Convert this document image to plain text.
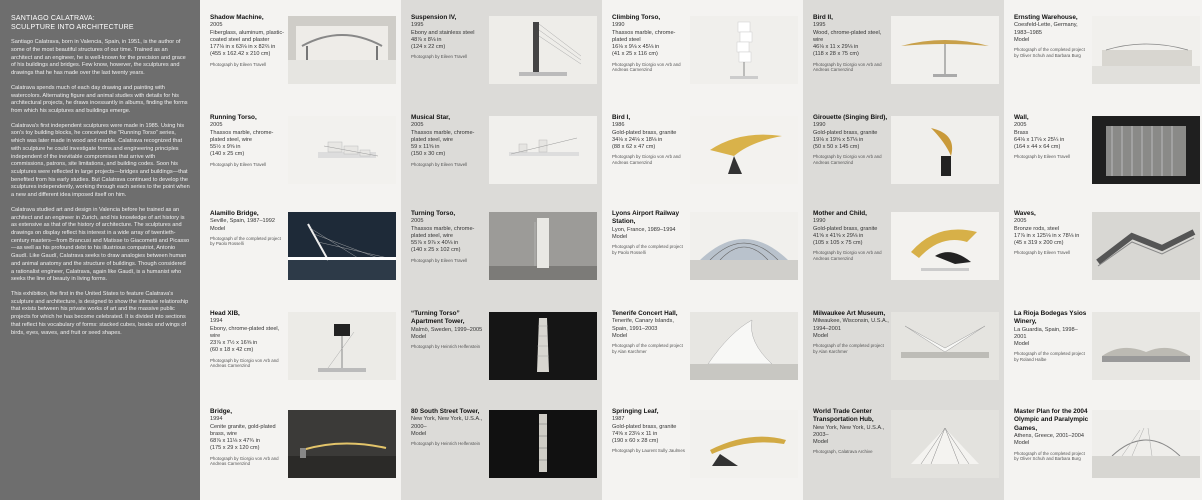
SANTIAGO CALATRAVA:
SCULPTURE INTO ARCHITECTURE

Santiago Calatrava, born in Valencia, Spain, in 1951, is the author of some of the most beautiful structures of our time. Trained as an architect and an engineer, he is well-known for the precision and grace of his buildings and bridges. Few know, however, the sculptures and drawings that he has made over the last twenty years.

Calatrava spends much of each day drawing and painting with watercolors. Alternating figure and animal studies with details for his architectural projects, he draws incessantly in albums, finding the forms from which his sculptures and buildings emerge.

Calatrava's first independent sculptures were made in 1985. Using his son's toy building blocks, he conceived the “Running Torso” series, which was later made in wood and marble. Calatrava recognized that with sculpture he could investigate forms and engineering principles independent of the inevitable compromises that arrive with commissions, patrons, site limitations, and building codes. Soon his sculptures were reflected in large projects—bridges and buildings—that benefited from his early studies. But Calatrava continued to develop the sculptures independently, working through each series to the point when a new and different idea imposed itself on him.

Calatrava studied art and design in Valencia before he trained as an architect and an engineer in Zurich, and his knowledge of art history is as extensive as that of the history of architecture. The sculptures and drawings on display reflect his interest in a wide array of twentieth-century masters—from Brancusi and Matisse to Giacometti and Picasso—as well as his profound debt to his illustrious compatriot, Antonio Gaudí. Like Gaudí, Calatrava seeks to draw analogies between human and animal anatomy and the structure of buildings. Though considered a rationalist engineer, Calatrava, again like Gaudí, is a humanist who seeks the line of beauty in living forms.

This exhibition, the first in the United States to feature Calatrava's sculpture and architecture, is designed to show the intimate relationship that exists between his private works of art and the massive public projects for which he has become celebrated. It is divided into sections that reflect his vocabulary of forms: stacked cubes, beaks and wings of birds, eyes, waves, and fruit or seed shapes.

Shadow Machine,
2005
Fiberglass, aluminum, plastic-coated steel and plaster
177⅛ in x 63⅛ in x 82⅔ in
(455 x 162.42 x 210 cm)
Photograph by Eileen Travell
Running Torso,
2005
Thassos marble, chrome-plated steel, wire
55½ x 9⅝ in
(140 x 25 cm)
Photograph by Eileen Travell
Alamillo Bridge,
Seville, Spain, 1987–1992
Model
Photograph of the completed project by Paolo Rosselli
Head XIB,
1994
Ebony, chrome-plated steel, wire
23⅞ x 7½ x 16⅝ in
(60 x 18 x 42 cm)
Photograph by Giorgio von Arb and Andreas Carnenzind
Bridge,
1994
Cenite granite, gold-plated brass, wire
68⅞ x 11⅛ x 47¾ in
(175 x 29 x 120 cm)
Photograph by Giorgio von Arb and Andreas Carnenzind
Suspension IV,
1995
Ebony and stainless steel
48⅞ x 8⅛ in
(124 x 22 cm)
Photograph by Eileen Travell
Musical Star,
2005
Thassos marble, chrome-plated steel, wire
59 x 11⅝ in
(150 x 30 cm)
Photograph by Eileen Travell
Turning Torso,
2005
Thassos marble, chrome-plated steel, wire
55⅞ x 9⅞ x 40⅛ in
(140 x 25 x 102 cm)
Photograph by Eileen Travell
“Turning Torso” Apartment Tower,
Malmö, Sweden, 1999–2005
Model
Photograph by Heinrich Helfenstein
80 South Street Tower,
New York, New York, U.S.A., 2000–
Model
Photograph by Heinrich Helfenstein
Climbing Torso,
1990
Thassos marble, chrome-plated steel
16⅛ x 9⅛ x 45⅛ in
(41 x 25 x 116 cm)
Photograph by Giorgio von Arb and Andreas Carnenzind
Bird I,
1986
Gold-plated brass, granite
34⅛ x 24⅛ x 18⅛ in
(88 x 62 x 47 cm)
Photograph by Giorgio von Arb and Andreas Carnenzind
Lyons Airport Railway Station,
Lyon, France, 1989–1994
Model
Photograph of the completed project by Paolo Rosselli
Tenerife Concert Hall,
Tenerife, Canary Islands, Spain, 1991–2003
Model
Photograph of the completed project by Alan Karchmer
Springing Leaf,
1987
Gold-plated brass, granite
74⅝ x 23⅛ x 11 in
(190 x 60 x 28 cm)
Photograph by Laurent Sully Jaulmes
Bird II,
1995
Wood, chrome-plated steel, wire
46⅛ x 11 x 29⅛ in
(118 x 28 x 75 cm)
Photograph by Giorgio von Arb and Andreas Carnenzind
Girouette (Singing Bird),
1990
Gold-plated brass, granite
19⅛ x 19⅝ x 57⅛ in
(50 x 50 x 145 cm)
Photograph by Giorgio von Arb and Andreas Carnenzind
Mother and Child,
1990
Gold-plated brass, granite
41⅝ x 41⅝ x 29⅛ in
(105 x 105 x 75 cm)
Photograph by Giorgio von Arb and Andreas Carnenzind
Milwaukee Art Museum,
Milwaukee, Wisconsin, U.S.A., 1994–2001
Model
Photograph of the completed project by Alan Karchmer
World Trade Center Transportation Hub,
New York, New York, U.S.A., 2003–
Model
Photograph, Calatrava Archive
Ernsting Warehouse,
Coesfeld-Lette, Germany, 1983–1985
Model
Photograph of the completed project by Oliver Schuh and Barbara Burg
Wall,
2005
Brass
64⅛ x 17⅛ x 25¼ in
(164 x 44 x 64 cm)
Photograph by Eileen Travell
Waves,
2005
Bronze rods, steel
17⅞ in x 125⅛ in x 78⅛ in
(45 x 319 x 200 cm)
Photograph by Eileen Travell
La Rioja Bodegas Ysios Winery,
La Guardia, Spain, 1998–2001
Model
Photograph of the completed project by Roland Halbe
Master Plan for the 2004 Olympic and Paralympic Games,
Athens, Greece, 2001–2004
Model
Photograph of the completed project by Oliver Schuh and Barbara Burg
